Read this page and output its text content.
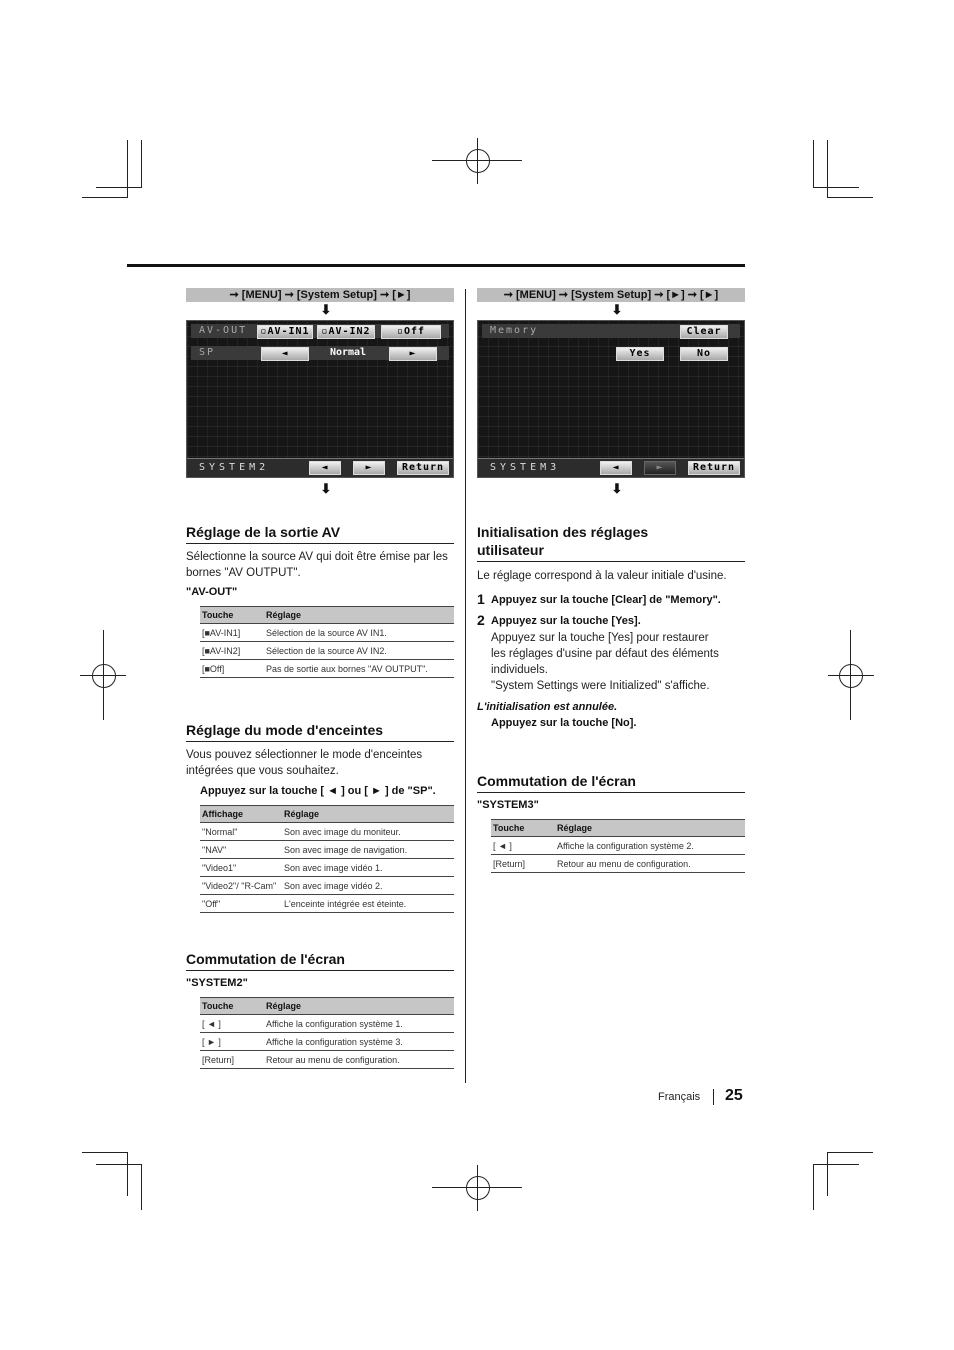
➞ [MENU] ➞ [System Setup] ➞ [►]
⬇
AV-OUT	▫AV-IN1	▫AV-IN2	▫Off
SP	◄	Normal	►
SYSTEM2	◄	►	Return
⬇
Réglage de la sortie AV
Sélectionne la source AV qui doit être émise par les bornes "AV OUTPUT".
"AV-OUT"
Touche	Réglage
[■AV-IN1]	Sélection de la source AV IN1.
[■AV-IN2]	Sélection de la source AV IN2.
[■Off]	Pas de sortie aux bornes "AV OUTPUT".
Réglage du mode d'enceintes
Vous pouvez sélectionner le mode d'enceintes intégrées que vous souhaitez.
Appuyez sur la touche [ ◄ ] ou [ ► ] de "SP".
Affichage	Réglage
"Normal"	Son avec image du moniteur.
"NAV"	Son avec image de navigation.
"Video1"	Son avec image vidéo 1.
"Video2"/ "R-Cam"	Son avec image vidéo 2.
"Off"	L'enceinte intégrée est éteinte.
Commutation de l'écran
"SYSTEM2"
Touche	Réglage
[ ◄ ]	Affiche la configuration système 1.
[ ► ]	Affiche la configuration système 3.
[Return]	Retour au menu de configuration.
➞ [MENU] ➞ [System Setup] ➞ [►] ➞ [►]
⬇
Memory	Clear
Yes	No
SYSTEM3	◄	►	Return
⬇
Initialisation des réglages
utilisateur
Le réglage correspond à la valeur initiale d'usine.
1 Appuyez sur la touche [Clear] de "Memory".
2 Appuyez sur la touche [Yes].
Appuyez sur la touche [Yes] pour restaurer
les réglages d'usine par défaut des éléments
individuels.
"System Settings were Initialized" s'affiche.
L'initialisation est annulée.
Appuyez sur la touche [No].
Commutation de l'écran
"SYSTEM3"
Touche	Réglage
[ ◄ ]	Affiche la configuration système 2.
[Return]	Retour au menu de configuration.
Français 25
